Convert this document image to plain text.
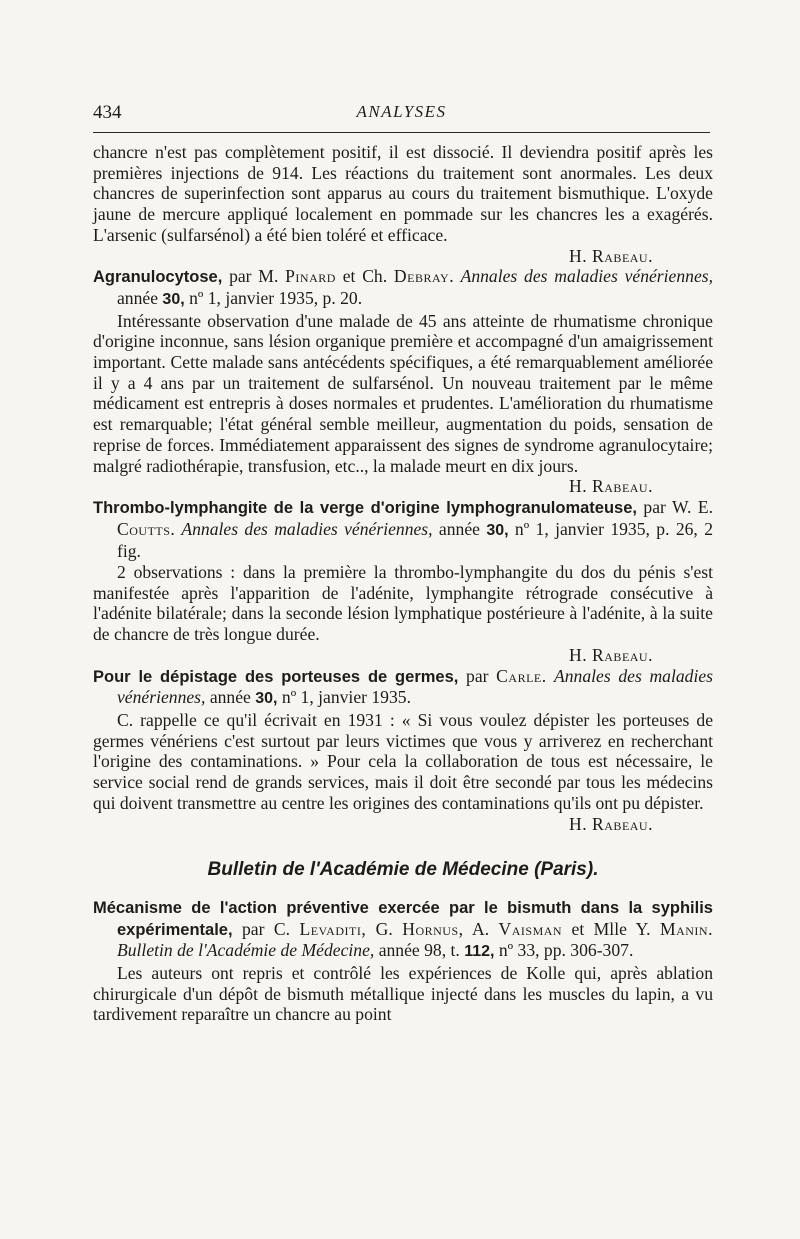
434	ANALYSES

chancre n'est pas complètement positif, il est dissocié. Il deviendra positif après les premières injections de 914. Les réactions du traitement sont anormales. Les deux chancres de superinfection sont apparus au cours du traitement bismuthique. L'oxyde jaune de mercure appliqué localement en pommade sur les chancres les a exagérés. L'arsenic (sulfarsénol) a été bien toléré et efficace.

H. Rabeau.

Agranulocytose, par M. Pinard et Ch. Debray. Annales des maladies vénériennes, année 30, nº 1, janvier 1935, p. 20.

Intéressante observation d'une malade de 45 ans atteinte de rhumatisme chronique d'origine inconnue, sans lésion organique première et accompagné d'un amaigrissement important. Cette malade sans antécédents spécifiques, a été remarquablement améliorée il y a 4 ans par un traitement de sulfarsénol. Un nouveau traitement par le même médicament est entrepris à doses normales et prudentes. L'amélioration du rhumatisme est remarquable; l'état général semble meilleur, augmentation du poids, sensation de reprise de forces. Immédiatement apparaissent des signes de syndrome agranulocytaire; malgré radiothérapie, transfusion, etc.., la malade meurt en dix jours.

H. Rabeau.

Thrombo-lymphangite de la verge d'origine lymphogranulomateuse, par W. E. Coutts. Annales des maladies vénériennes, année 30, nº 1, janvier 1935, p. 26, 2 fig.

2 observations : dans la première la thrombo-lymphangite du dos du pénis s'est manifestée après l'apparition de l'adénite, lymphangite rétrograde consécutive à l'adénite bilatérale; dans la seconde lésion lymphatique postérieure à l'adénite, à la suite de chancre de très longue durée.

H. Rabeau.

Pour le dépistage des porteuses de germes, par Carle. Annales des maladies vénériennes, année 30, nº 1, janvier 1935.

C. rappelle ce qu'il écrivait en 1931 : « Si vous voulez dépister les porteuses de germes vénériens c'est surtout par leurs victimes que vous y arriverez en recherchant l'origine des contaminations. » Pour cela la collaboration de tous est nécessaire, le service social rend de grands services, mais il doit être secondé par tous les médecins qui doivent transmettre au centre les origines des contaminations qu'ils ont pu dépister.

H. Rabeau.

Bulletin de l'Académie de Médecine (Paris).

Mécanisme de l'action préventive exercée par le bismuth dans la syphilis expérimentale, par C. Levaditi, G. Hornus, A. Vaisman et Mlle Y. Manin. Bulletin de l'Académie de Médecine, année 98, t. 112, nº 33, pp. 306-307.

Les auteurs ont repris et contrôlé les expériences de Kolle qui, après ablation chirurgicale d'un dépôt de bismuth métallique injecté dans les muscles du lapin, a vu tardivement reparaître un chancre au point
